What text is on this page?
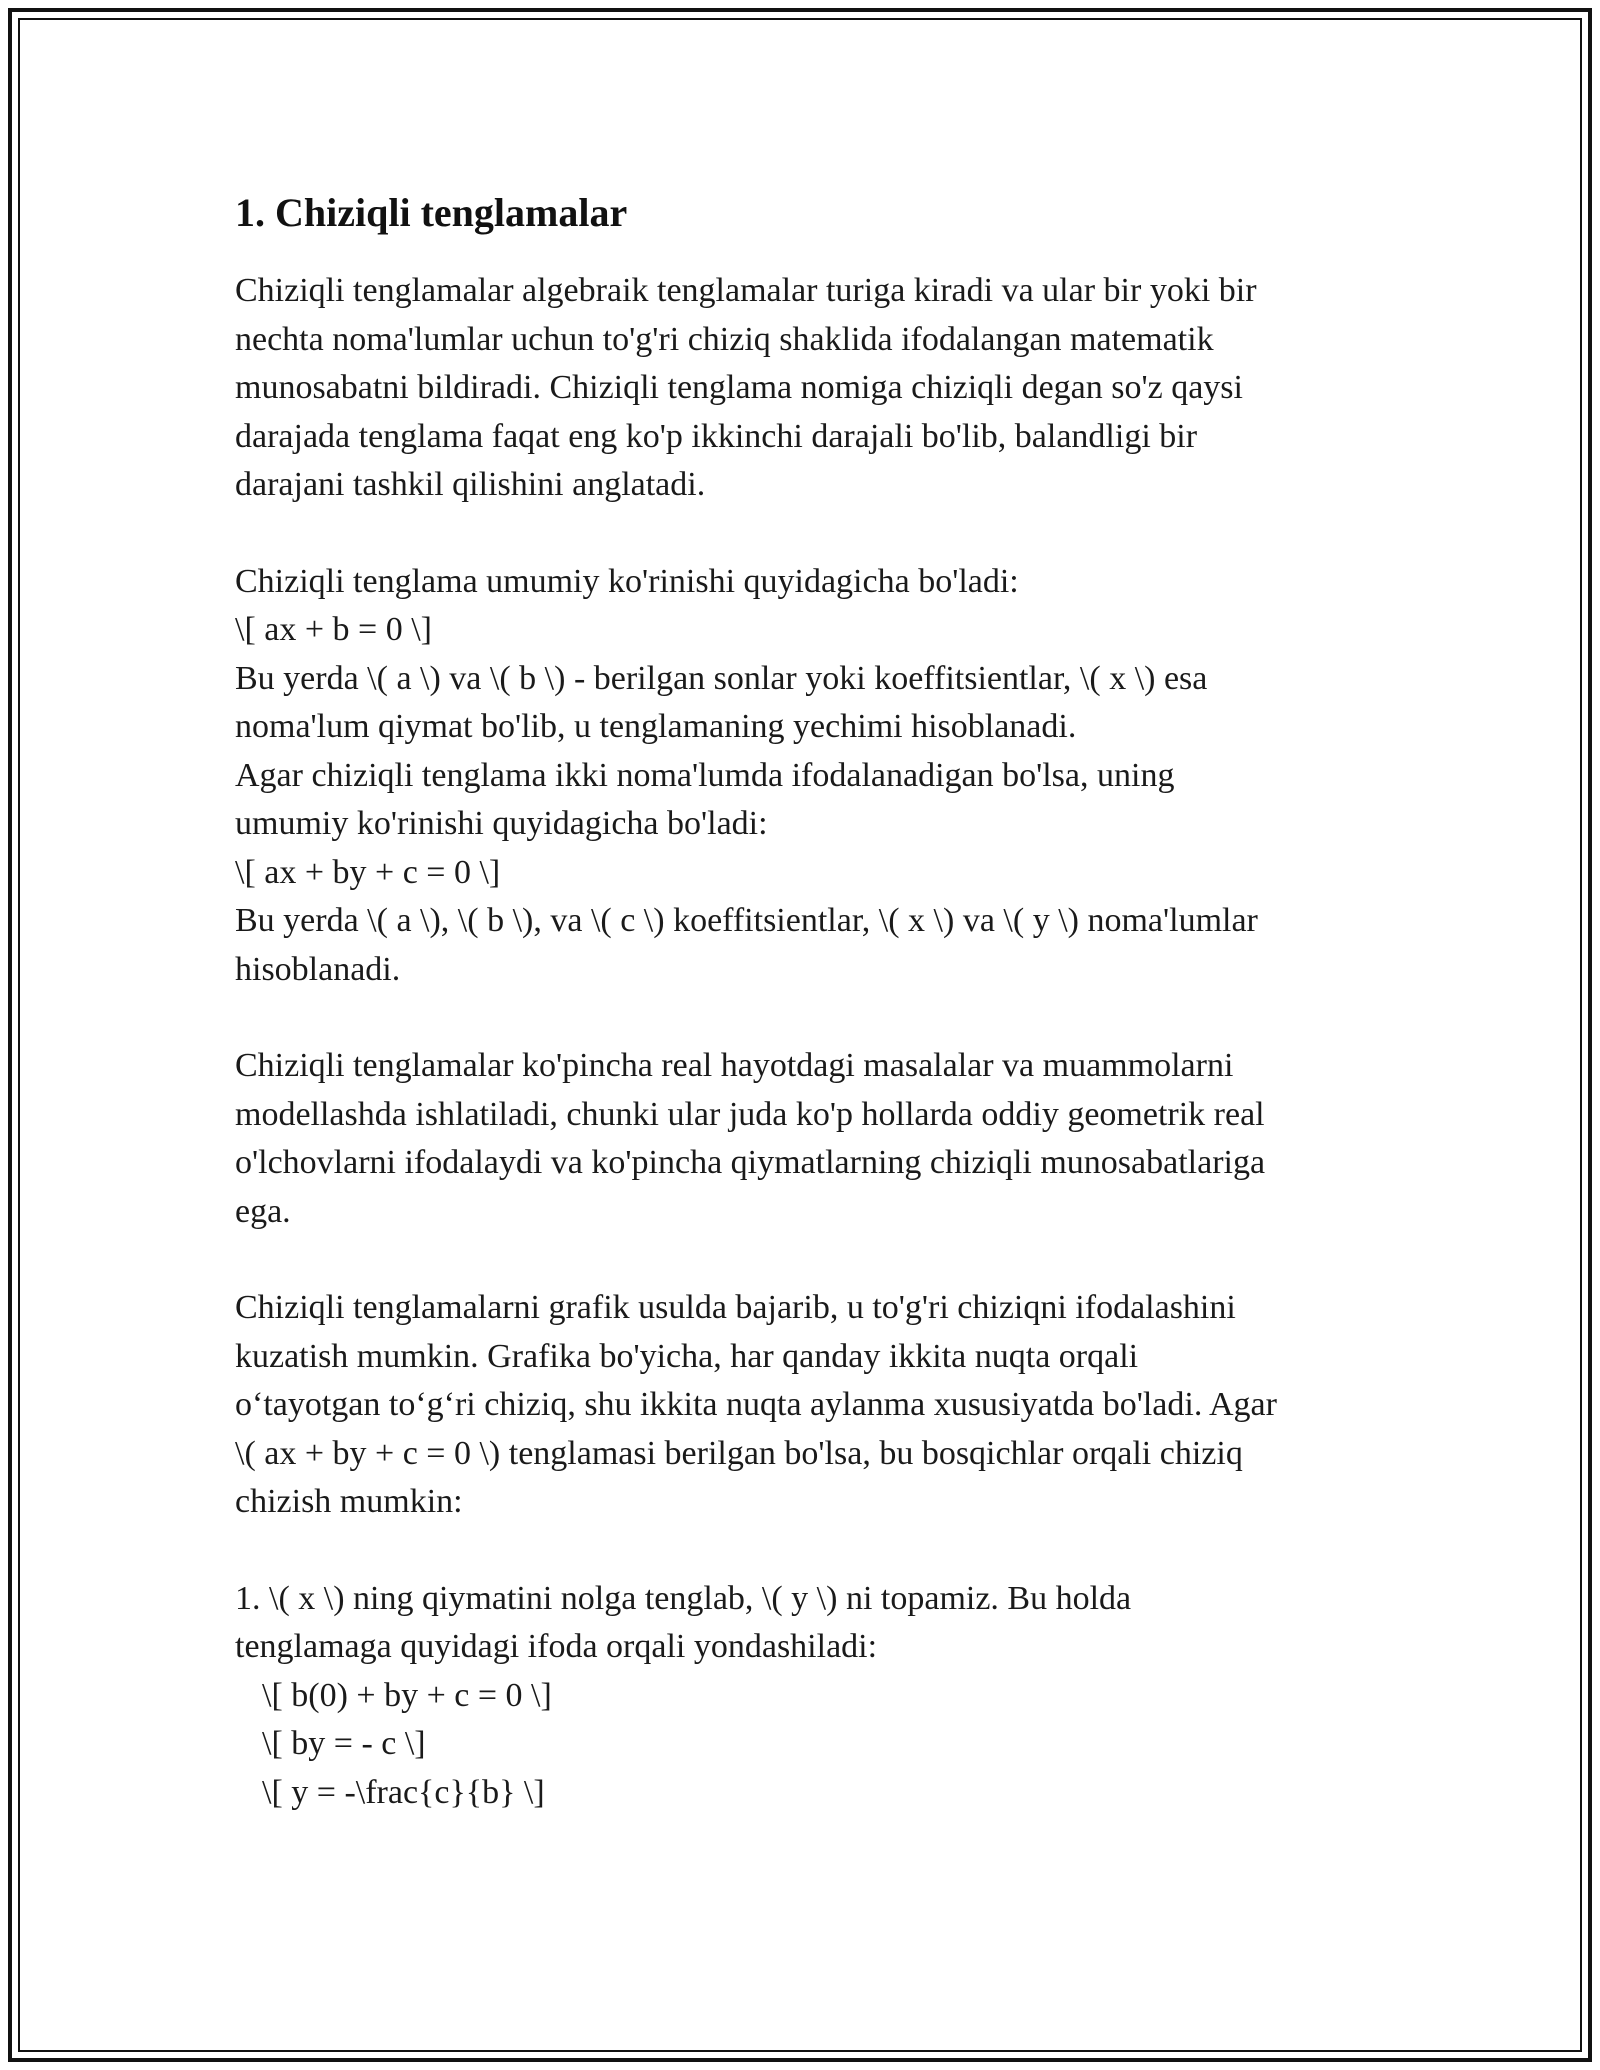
1. Chiziqli tenglamalar
Chiziqli tenglamalar algebraik tenglamalar turiga kiradi va ular bir yoki bir
nechta noma'lumlar uchun to'g'ri chiziq shaklida ifodalangan matematik
munosabatni bildiradi. Chiziqli tenglama nomiga chiziqli degan so'z qaysi
darajada tenglama faqat eng ko'p ikkinchi darajali bo'lib, balandligi bir
darajani tashkil qilishini anglatadi.
Chiziqli tenglama umumiy ko'rinishi quyidagicha bo'ladi:
\[ ax + b = 0 \]
Bu yerda \( a \) va \( b \) - berilgan sonlar yoki koeffitsientlar, \( x \) esa
noma'lum qiymat bo'lib, u tenglamaning yechimi hisoblanadi.
Agar chiziqli tenglama ikki noma'lumda ifodalanadigan bo'lsa, uning
umumiy ko'rinishi quyidagicha bo'ladi:
\[ ax + by + c = 0 \]
Bu yerda \( a \), \( b \), va \( c \) koeffitsientlar, \( x \) va \( y \) noma'lumlar
hisoblanadi.
Chiziqli tenglamalar ko'pincha real hayotdagi masalalar va muammolarni
modellashda ishlatiladi, chunki ular juda ko'p hollarda oddiy geometrik real
o'lchovlarni ifodalaydi va ko'pincha qiymatlarning chiziqli munosabatlariga
ega.
Chiziqli tenglamalarni grafik usulda bajarib, u to'g'ri chiziqni ifodalashini
kuzatish mumkin. Grafika bo'yicha, har qanday ikkita nuqta orqali
o‘tayotgan to‘g‘ri chiziq, shu ikkita nuqta aylanma xususiyatda bo'ladi. Agar
\( ax + by + c = 0 \) tenglamasi berilgan bo'lsa, bu bosqichlar orqali chiziq
chizish mumkin:
1. \( x \) ning qiymatini nolga tenglab, \( y \) ni topamiz. Bu holda
tenglamaga quyidagi ifoda orqali yondashiladi:
\[ b(0) + by + c = 0 \]
\[ by = - c \]
\[ y = -\frac{c}{b} \]
